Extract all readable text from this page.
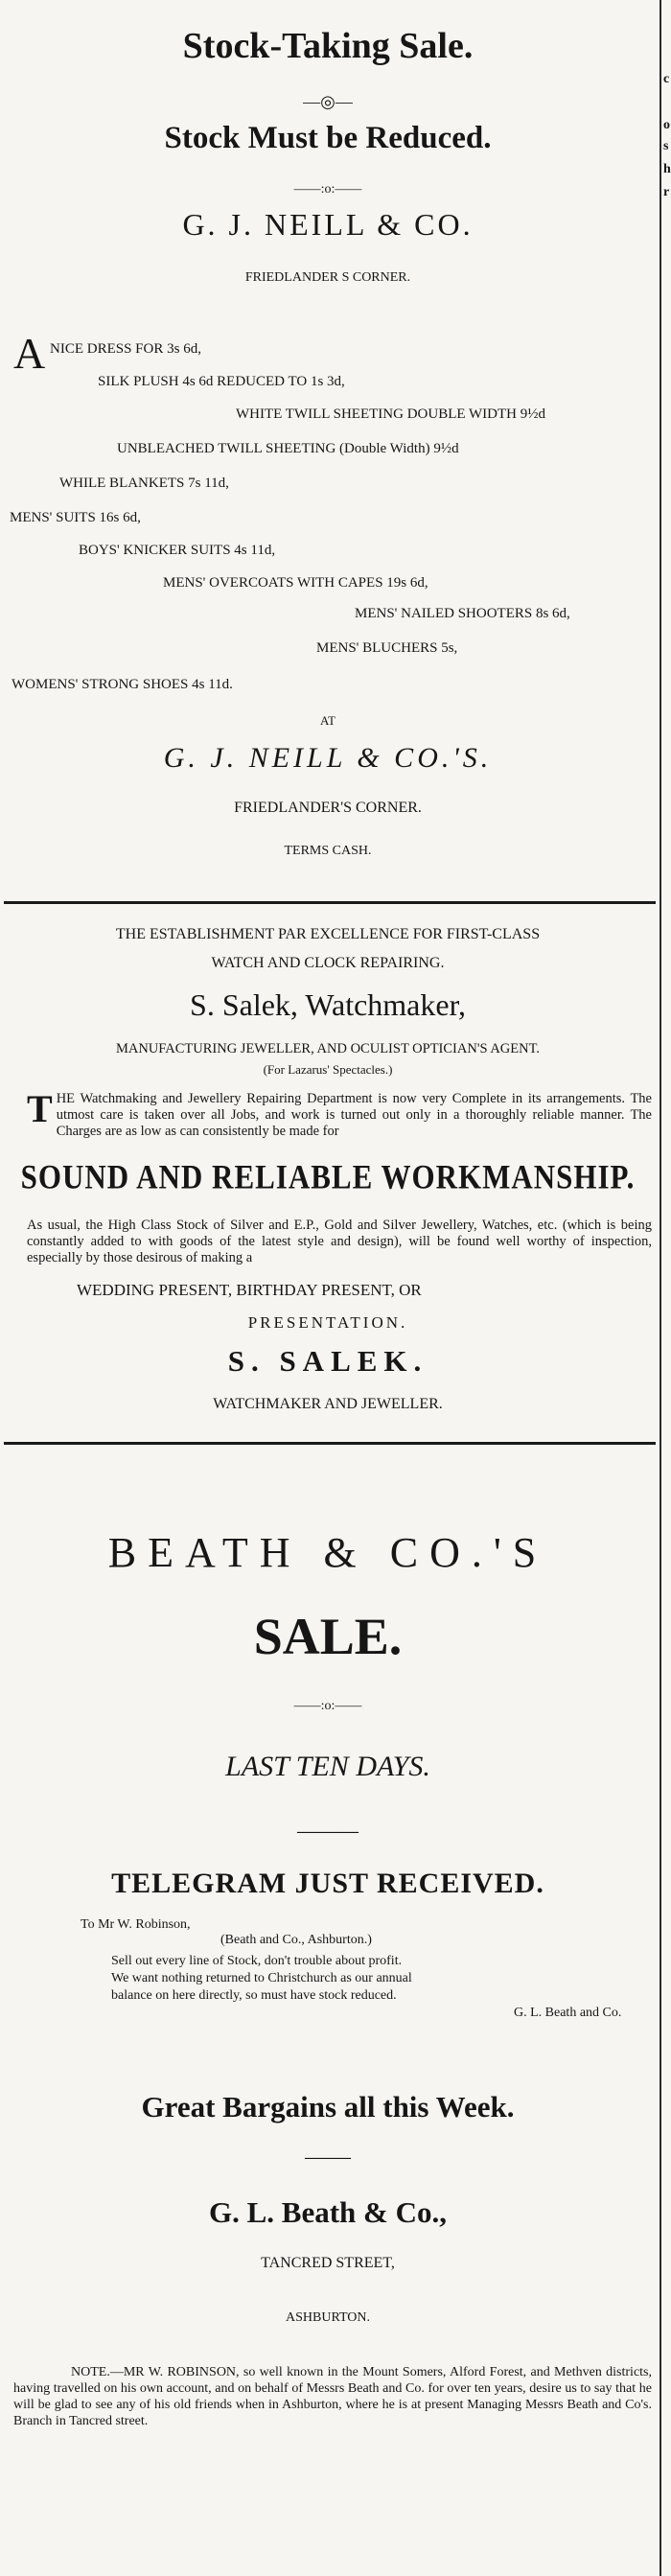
c
o
s
h
r
Stock-Taking Sale.
—◎—
Stock Must be Reduced.
——:o:——
G. J. NEILL & CO.
FRIEDLANDER S CORNER.
A NICE DRESS FOR 3s 6d,
SILK PLUSH 4s 6d REDUCED TO 1s 3d,
WHITE TWILL SHEETING DOUBLE WIDTH 9½d
UNBLEACHED TWILL SHEETING (Double Width) 9½d
WHILE BLANKETS 7s 11d,
MENS' SUITS 16s 6d,
BOYS' KNICKER SUITS 4s 11d,
MENS' OVERCOATS WITH CAPES 19s 6d,
MENS' NAILED SHOOTERS 8s 6d,
MENS' BLUCHERS 5s,
WOMENS' STRONG SHOES 4s 11d.
AT
G. J. NEILL & CO.'S.
FRIEDLANDER'S CORNER.
TERMS CASH.
THE ESTABLISHMENT PAR EXCELLENCE FOR FIRST-CLASS
WATCH AND CLOCK REPAIRING.
S. Salek, Watchmaker,
MANUFACTURING JEWELLER, AND OCULIST OPTICIAN'S AGENT.
(For Lazarus' Spectacles.)
THE Watchmaking and Jewellery Repairing Department is now very Complete in its arrangements. The utmost care is taken over all Jobs, and work is turned out only in a thoroughly reliable manner. The Charges are as low as can consistently be made for
SOUND AND RELIABLE WORKMANSHIP.
As usual, the High Class Stock of Silver and E.P., Gold and Silver Jewellery, Watches, etc. (which is being constantly added to with goods of the latest style and design), will be found well worthy of inspection, especially by those desirous of making a
WEDDING PRESENT, BIRTHDAY PRESENT, OR
PRESENTATION.
S. SALEK.
WATCHMAKER AND JEWELLER.
BEATH & CO.'S
SALE.
——:o:——
LAST TEN DAYS.
————
TELEGRAM JUST RECEIVED.
To Mr W. Robinson,
(Beath and Co., Ashburton.)
Sell out every line of Stock, don't trouble about profit.
We want nothing returned to Christchurch as our annual
balance on here directly, so must have stock reduced.
G. L. Beath and Co.
Great Bargains all this Week.
———
G. L. Beath & Co.,
TANCRED STREET,
ASHBURTON.
NOTE.—MR W. ROBINSON, so well known in the Mount Somers, Alford Forest, and Methven districts, having travelled on his own account, and on behalf of Messrs Beath and Co. for over ten years, desire us to say that he will be glad to see any of his old friends when in Ashburton, where he is at present Managing Messrs Beath and Co's. Branch in Tancred street.
